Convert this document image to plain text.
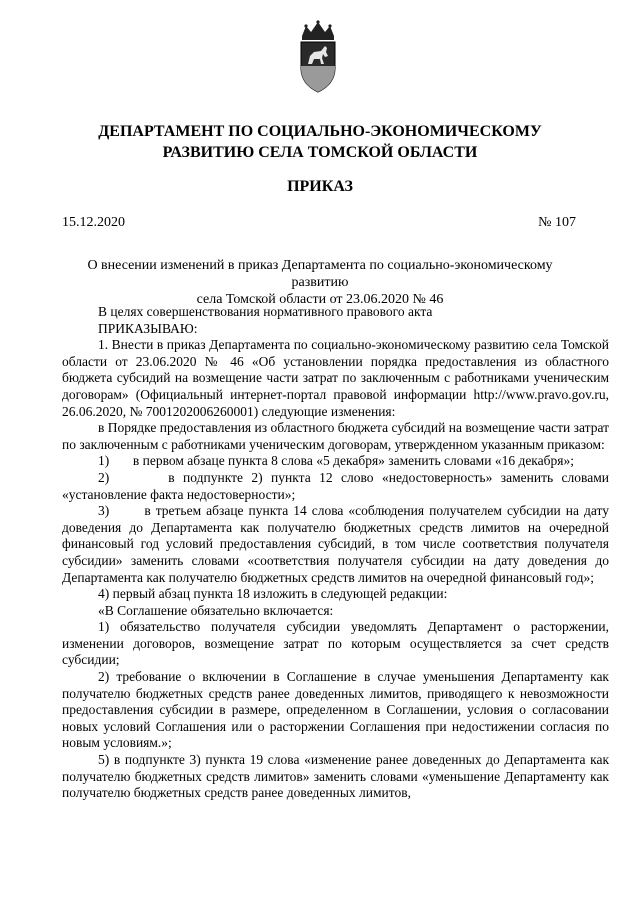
ДЕПАРТАМЕНТ ПО СОЦИАЛЬНО-ЭКОНОМИЧЕСКОМУ
РАЗВИТИЮ СЕЛА ТОМСКОЙ ОБЛАСТИ
ПРИКАЗ
15.12.2020	№ 107
О внесении изменений в приказ Департамента по социально-экономическому развитию
села Томской области от 23.06.2020 № 46

В целях совершенствования нормативного правового акта

ПРИКАЗЫВАЮ:

1. Внести в приказ Департамента по социально-экономическому развитию села Томской области от 23.06.2020 № 46 «Об установлении порядка предоставления из областного бюджета субсидий на возмещение части затрат по заключенным с работниками ученическим договорам» (Официальный интернет-портал правовой информации http://www.pravo.gov.ru, 26.06.2020, № 7001202006260001) следующие изменения:

в Порядке предоставления из областного бюджета субсидий на возмещение части затрат по заключенным с работниками ученическим договорам, утвержденном указанным приказом:

1) в первом абзаце пункта 8 слова «5 декабря» заменить словами «16 декабря»;

2)	в подпункте 2) пункта 12 слово «недостоверность» заменить словами «установление факта недостоверности»;

3)	в третьем абзаце пункта 14 слова «соблюдения получателем субсидии на дату доведения до Департамента как получателю бюджетных средств лимитов на очередной финансовый год условий предоставления субсидий, в том числе соответствия получателя субсидии» заменить словами «соответствия получателя субсидии на дату доведения до Департамента как получателю бюджетных средств лимитов на очередной финансовый год»;

4) первый абзац пункта 18 изложить в следующей редакции:

«В Соглашение обязательно включается:

1) обязательство получателя субсидии уведомлять Департамент о расторжении, изменении договоров, возмещение затрат по которым осуществляется за счет средств субсидии;

2) требование о включении в Соглашение в случае уменьшения Департаменту как получателю бюджетных средств ранее доведенных лимитов, приводящего к невозможности предоставления субсидии в размере, определенном в Соглашении, условия о согласовании новых условий Соглашения или о расторжении Соглашения при недостижении согласия по новым условиям.»;

5) в подпункте 3) пункта 19 слова «изменение ранее доведенных до Департамента как получателю бюджетных средств лимитов» заменить словами «уменьшение Департаменту как получателю бюджетных средств ранее доведенных лимитов,
